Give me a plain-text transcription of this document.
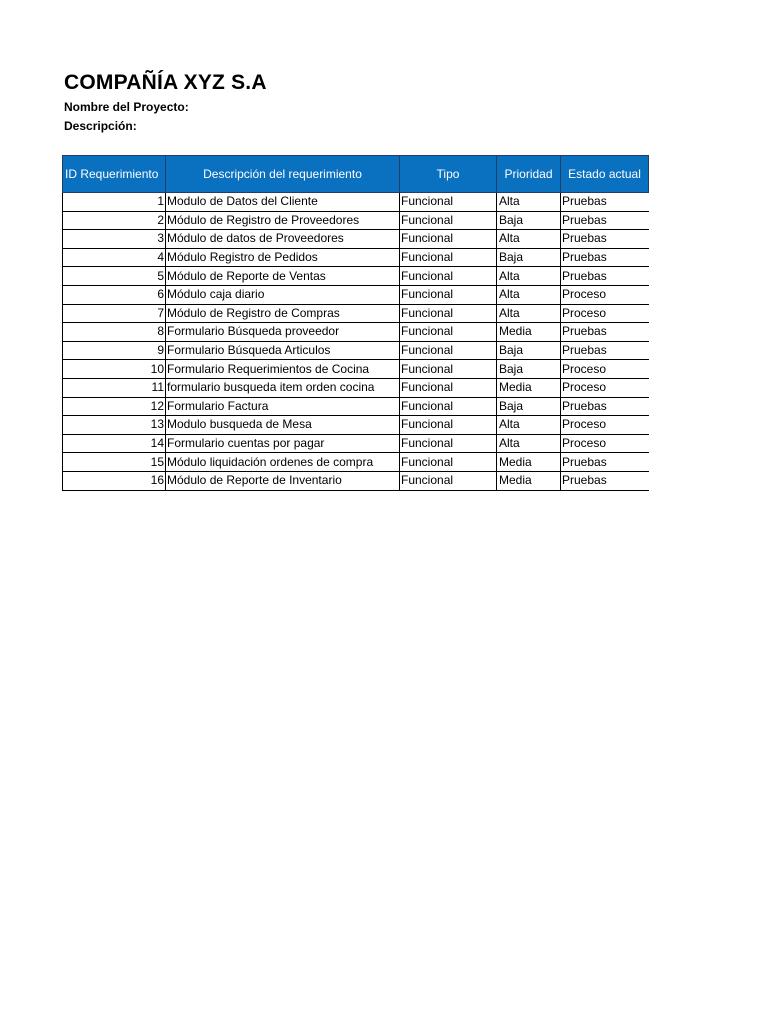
COMPAÑÍA XYZ S.A
Nombre del Proyecto:
Descripción:
ID Requerimiento	Descripción del requerimiento	Tipo	Prioridad	Estado actual
1	Modulo de Datos del Cliente	Funcional	Alta	Pruebas
2	Módulo de Registro de Proveedores	Funcional	Baja	Pruebas
3	Módulo de datos de Proveedores	Funcional	Alta	Pruebas
4	Módulo Registro de Pedidos	Funcional	Baja	Pruebas
5	Módulo de Reporte de Ventas	Funcional	Alta	Pruebas
6	Módulo caja diario	Funcional	Alta	Proceso
7	Módulo de Registro de Compras	Funcional	Alta	Proceso
8	Formulario Búsqueda proveedor	Funcional	Media	Pruebas
9	Formulario Búsqueda Articulos	Funcional	Baja	Pruebas
10	Formulario Requerimientos de Cocina	Funcional	Baja	Proceso
11	formulario busqueda item orden cocina	Funcional	Media	Proceso
12	Formulario Factura	Funcional	Baja	Pruebas
13	Modulo busqueda de Mesa	Funcional	Alta	Proceso
14	Formulario cuentas por pagar	Funcional	Alta	Proceso
15	Módulo liquidación ordenes de compra	Funcional	Media	Pruebas
16	Módulo de Reporte de Inventario	Funcional	Media	Pruebas
